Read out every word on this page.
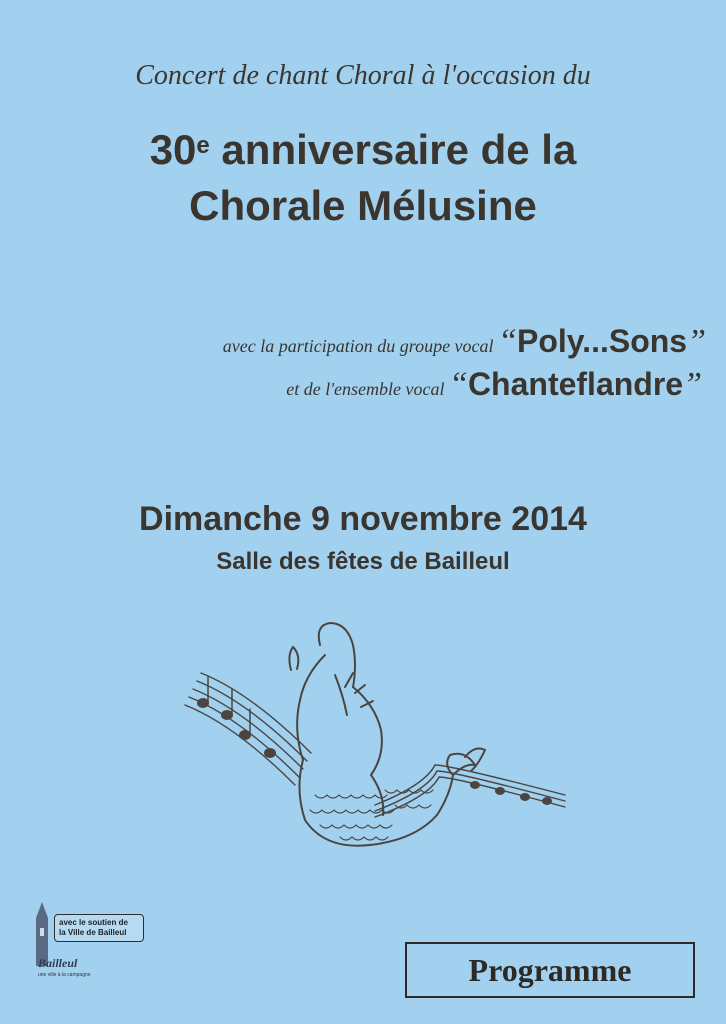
Concert de chant Choral à l'occasion du
30e anniversaire de la
Chorale Mélusine
avec la participation du groupe vocal “Poly...Sons”
et de l'ensemble vocal “Chanteflandre”
Dimanche 9 novembre 2014
Salle des fêtes de Bailleul
avec le soutien de
la Ville de Bailleul
Bailleul
une ville à la campagne	Programme
